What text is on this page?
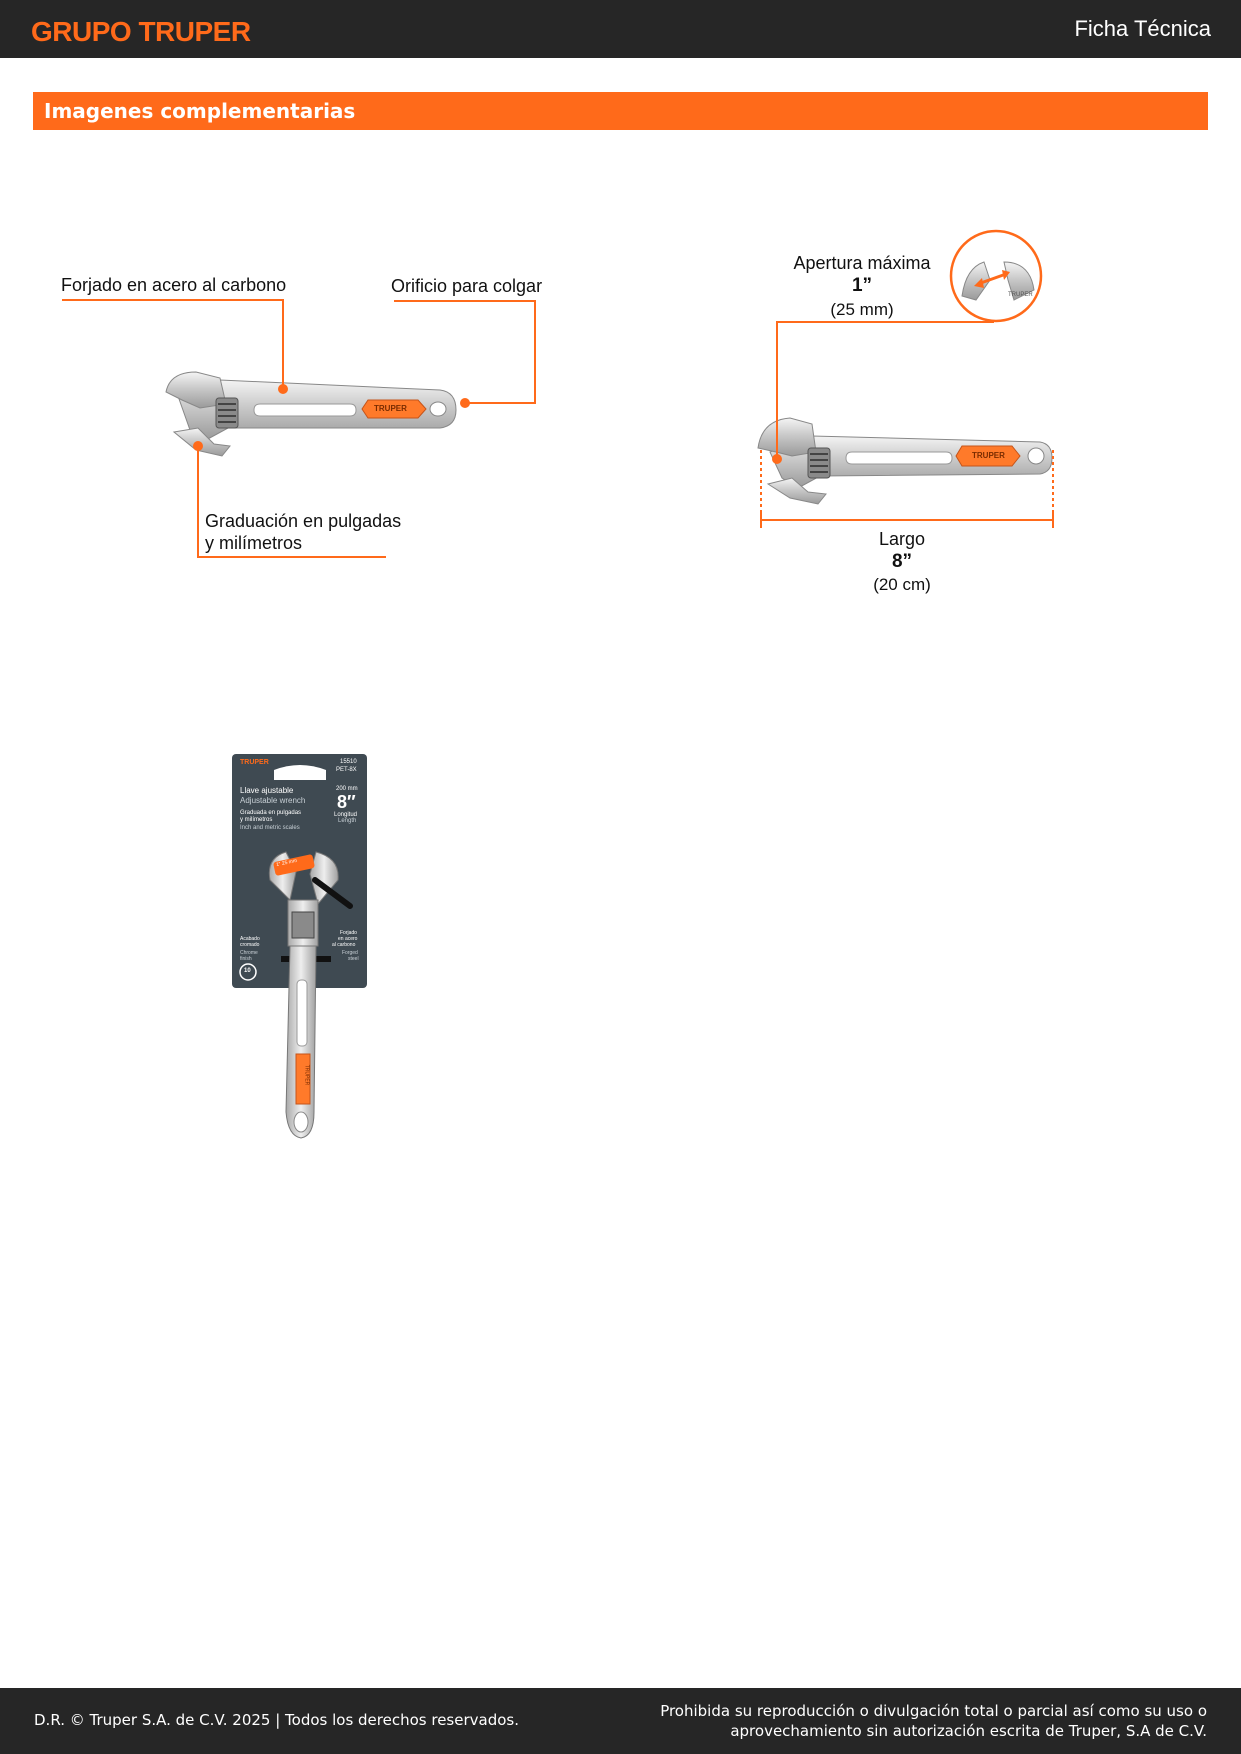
GRUPO TRUPER	Ficha Técnica
Imagenes complementarias
Forjado en acero al carbono	Orificio para colgar
Graduación en pulgadas
y milímetros
TRUPER
Apertura máxima
1”
(25 mm)
TRUPER
TRUPER
Largo
8”
(20 cm)
TRUPER	15510
PET-8X
Llave ajustable
Adjustable wrench
Graduada en pulgadas
y milímetros
Inch and metric scales
200 mm
8″
Longitud
Length
1″ 25 mm
Acabado
cromado
Chrome
finish
10
Forjado
en acero
al carbono
Forged
steel
TRUPER
D.R. © Truper S.A. de C.V. 2025 | Todos los derechos reservados.	Prohibida su reproducción o divulgación total o parcial así como su uso o
aprovechamiento sin autorización escrita de Truper, S.A de C.V.
